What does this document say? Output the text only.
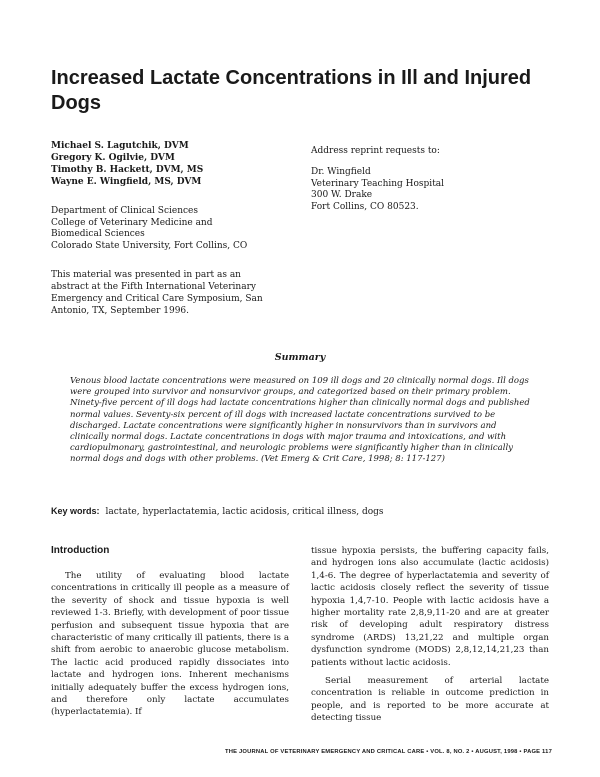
Increased Lactate Concentrations in Ill and Injured Dogs
Michael S. Lagutchik, DVM
Gregory K. Ogilvie, DVM
Timothy B. Hackett, DVM, MS
Wayne E. Wingfield, MS, DVM
Department of Clinical Sciences
College of Veterinary Medicine and
Biomedical Sciences
Colorado State University, Fort Collins, CO
This material was presented in part as an abstract at the Fifth International Veterinary Emergency and Critical Care Symposium, San Antonio, TX, September 1996.
Address reprint requests to:
Dr. Wingfield
Veterinary Teaching Hospital
300 W. Drake
Fort Collins, CO 80523.
Summary
Venous blood lactate concentrations were measured on 109 ill dogs and 20 clinically normal dogs. Ill dogs were grouped into survivor and nonsurvivor groups, and categorized based on their primary problem. Ninety-five percent of ill dogs had lactate concentrations higher than clinically normal dogs and published normal values. Seventy-six percent of ill dogs with increased lactate concentrations survived to be discharged. Lactate concentrations were significantly higher in nonsurvivors than in survivors and clinically normal dogs. Lactate concentrations in dogs with major trauma and intoxications, and with cardiopulmonary, gastrointestinal, and neurologic problems were significantly higher than in clinically normal dogs and dogs with other problems. (Vet Emerg & Crit Care, 1998; 8: 117-127)
Key words: lactate, hyperlactatemia, lactic acidosis, critical illness, dogs
Introduction
The utility of evaluating blood lactate concentrations in critically ill people as a measure of the severity of shock and tissue hypoxia is well reviewed 1-3. Briefly, with development of poor tissue perfusion and subsequent tissue hypoxia that are characteristic of many critically ill patients, there is a shift from aerobic to anaerobic glucose metabolism. The lactic acid produced rapidly dissociates into lactate and hydrogen ions. Inherent mechanisms initially adequately buffer the excess hydrogen ions, and therefore only lactate accumulates (hyperlactatemia). If

tissue hypoxia persists, the buffering capacity fails, and hydrogen ions also accumulate (lactic acidosis) 1,4-6. The degree of hyperlactatemia and severity of lactic acidosis closely reflect the severity of tissue hypoxia 1,4,7-10. People with lactic acidosis have a higher mortality rate 2,8,9,11-20 and are at greater risk of developing adult respiratory distress syndrome (ARDS) 13,21,22 and multiple organ dysfunction syndrome (MODS) 2,8,12,14,21,23 than patients without lactic acidosis.

Serial measurement of arterial lactate concentration is reliable in outcome prediction in people, and is reported to be more accurate at detecting tissue

THE JOURNAL OF VETERINARY EMERGENCY AND CRITICAL CARE • VOL. 8, NO. 2 • AUGUST, 1998 • PAGE 117
